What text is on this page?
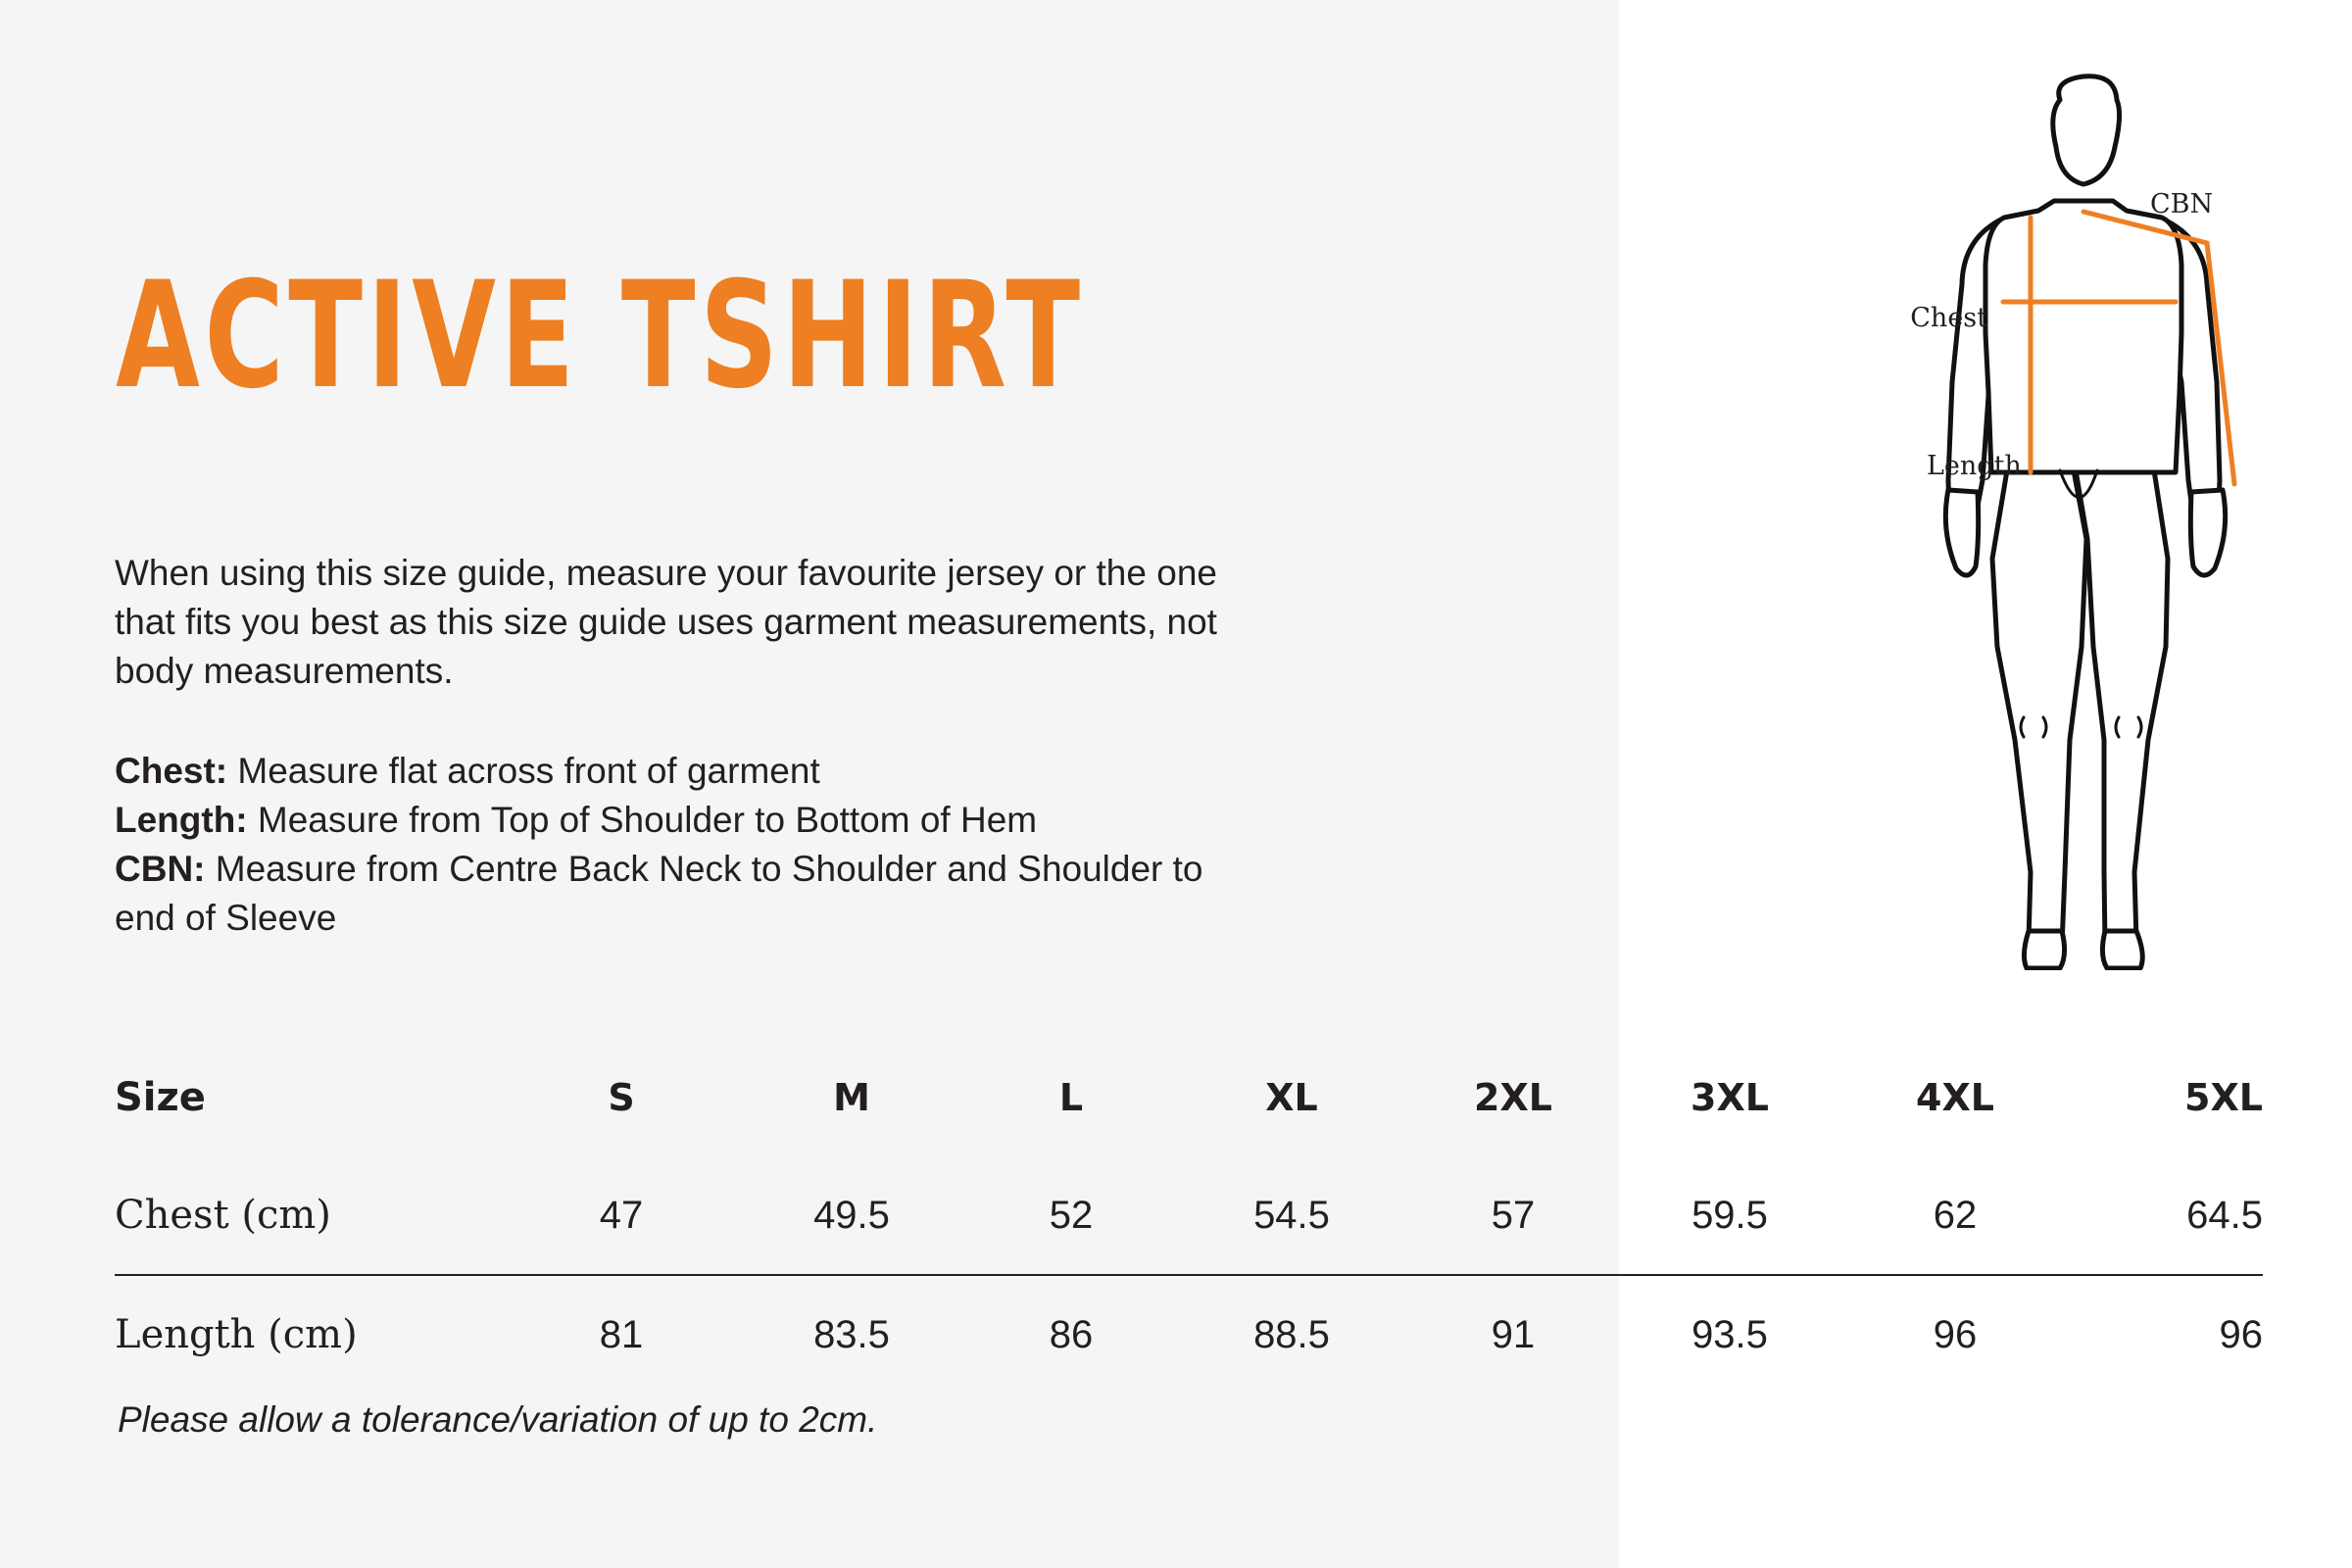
ACTIVE TSHIRT

When using this size guide, measure your favourite jersey or the one that fits you best as this size guide uses garment measurements, not body measurements.

Chest: Measure flat across front of garment
Length: Measure from Top of Shoulder to Bottom of Hem
CBN: Measure from Centre Back Neck to Shoulder and Shoulder to end of Sleeve

Size	S	M	L	XL	2XL	3XL	4XL	5XL
Chest (cm)	47	49.5	52	54.5	57	59.5	62	64.5
Length (cm)	81	83.5	86	88.5	91	93.5	96	96

Please allow a tolerance/variation of up to 2cm.

CBN
Chest
Length
